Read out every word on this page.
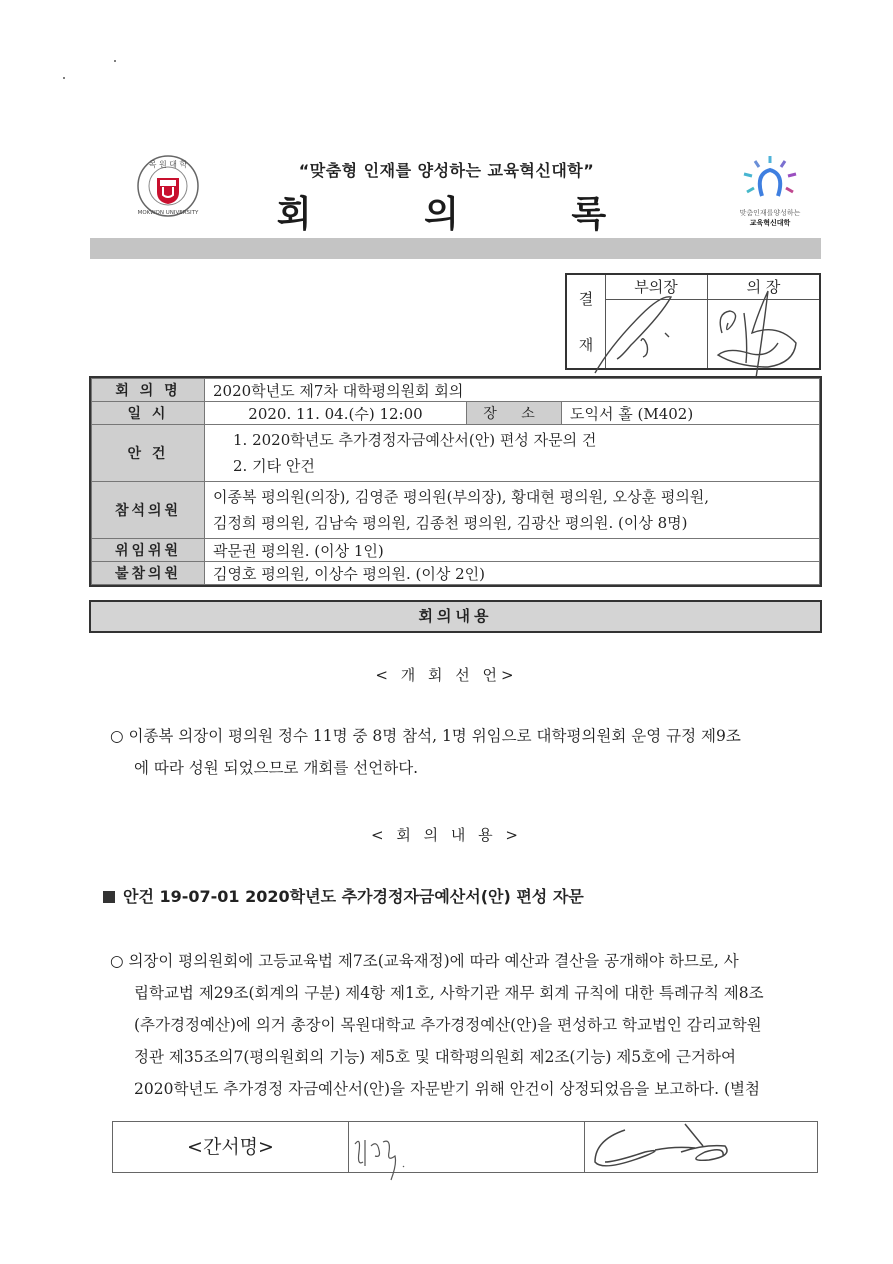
목 원 대 학
MOKWON UNIVERSITY
“맞춤형 인재를 양성하는 교육혁신대학”
회 의 록	맞춤인재를양성하는
교육혁신대학
결
재
부의장	의 장
회 의 명	2020학년도 제7차 대학평의원회 회의		
일 시	2020. 11. 04.(수) 12:00	장 소	도익서 홀 (M402)
안 건	1. 2020학년도 추가경정자금예산서(안) 편성 자문의 건
2. 기타 안건		

참석의원	이종복 평의원(의장), 김영준 평의원(부의장), 황대현 평의원, 오상훈 평의원,
김정희 평의원, 김남숙 평의원, 김종천 평의원, 김광산 평의원. (이상 8명)		

위임위원	곽문권 평의원. (이상 1인)		
불참의원	김영호 평의원, 이상수 평의원. (이상 2인)		
회의내용
< 개 회 선 언>
○ 이종복 의장이 평의원 정수 11명 중 8명 참석, 1명 위임으로 대학평의원회 운영 규정 제9조
에 따라 성원 되었으므로 개회를 선언하다.
< 회 의 내 용 >
안건 19-07-01 2020학년도 추가경정자금예산서(안) 편성 자문
○ 의장이 평의원회에 고등교육법 제7조(교육재정)에 따라 예산과 결산을 공개해야 하므로, 사
립학교법 제29조(회계의 구분) 제4항 제1호, 사학기관 재무 회계 규칙에 대한 특례규칙 제8조
(추가경정예산)에 의거 총장이 목원대학교 추가경정예산(안)을 편성하고 학교법인 감리교학원
정관 제35조의7(평의원회의 기능) 제5호 및 대학평의원회 제2조(기능) 제5호에 근거하여
2020학년도 추가경정 자금예산서(안)을 자문받기 위해 안건이 상정되었음을 보고하다. (별첨
<간서명>
